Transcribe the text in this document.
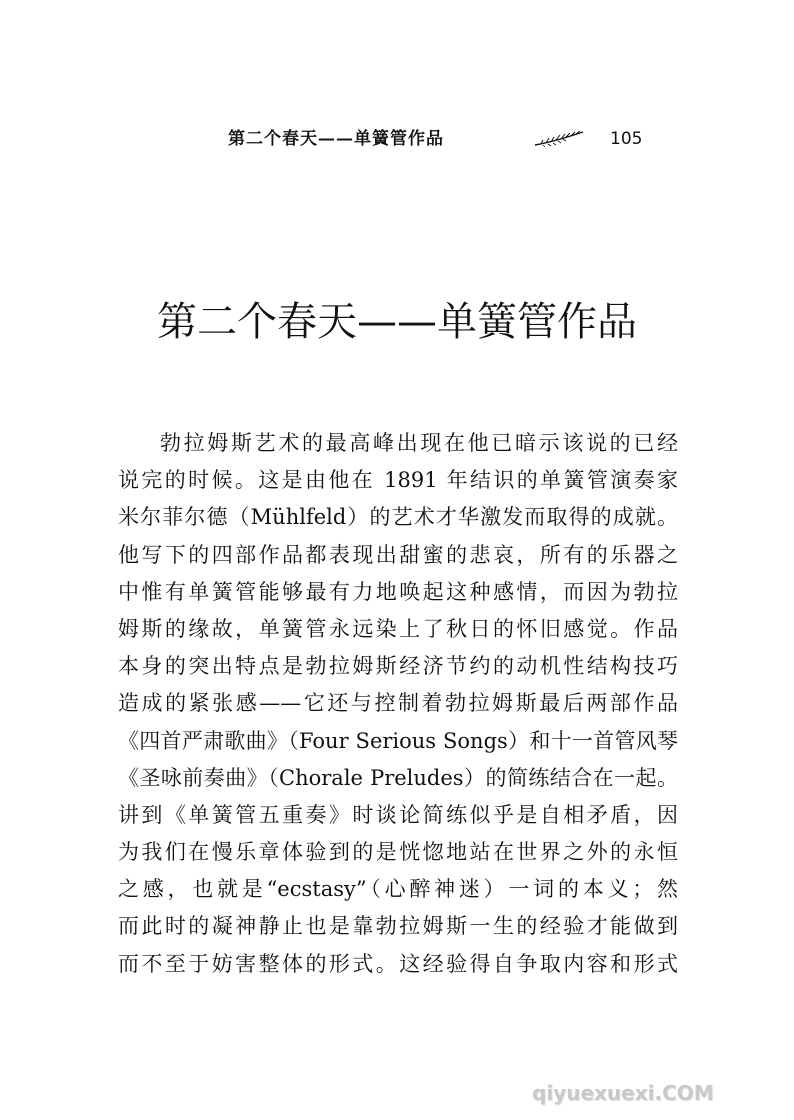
第二个春天——单簧管作品	105
第二个春天——单簧管作品
勃拉姆斯艺术的最高峰出现在他已暗示该说的已经
说完的时候。这是由他在 1891 年结识的单簧管演奏家
米尔菲尔德（Mühlfeld）的艺术才华激发而取得的成就。
他写下的四部作品都表现出甜蜜的悲哀，所有的乐器之
中惟有单簧管能够最有力地唤起这种感情，而因为勃拉
姆斯的缘故，单簧管永远染上了秋日的怀旧感觉。作品
本身的突出特点是勃拉姆斯经济节约的动机性结构技巧
造成的紧张感——它还与控制着勃拉姆斯最后两部作品
《四首严肃歌曲》（Four Serious Songs）和十一首管风琴
《圣咏前奏曲》（Chorale Preludes）的简练结合在一起。
讲到《单簧管五重奏》时谈论简练似乎是自相矛盾，因
为我们在慢乐章体验到的是恍惚地站在世界之外的永恒
之感，也就是“ecstasy”（心醉神迷）一词的本义；然
而此时的凝神静止也是靠勃拉姆斯一生的经验才能做到
而不至于妨害整体的形式。这经验得自争取内容和形式
qiyuexuexi.COM
